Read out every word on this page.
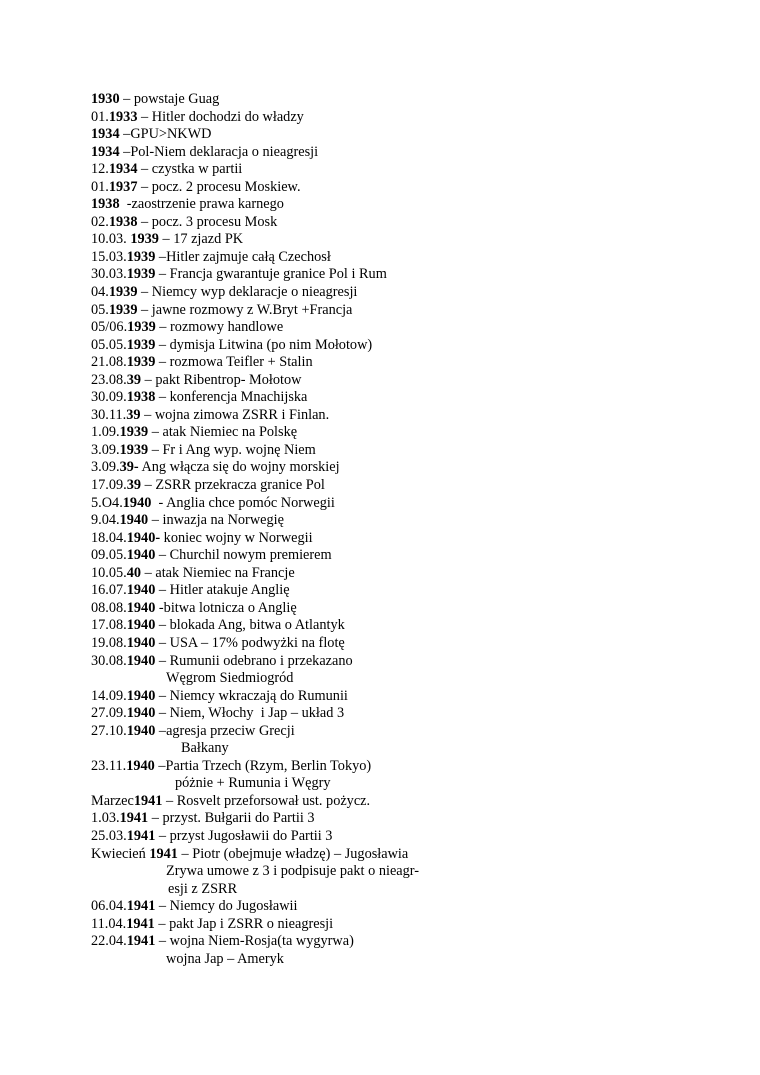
1930 – powstaje Guag
01.1933 – Hitler dochodzi do władzy
1934 –GPU>NKWD
1934 –Pol-Niem deklaracja o nieagresji
12.1934 – czystka w partii
01.1937 – pocz. 2 procesu Moskiew.
1938  -zaostrzenie prawa karnego
02.1938 – pocz. 3 procesu Mosk
10.03. 1939 – 17 zjazd PK
15.03.1939 –Hitler zajmuje całą Czechosł
30.03.1939 – Francja gwarantuje granice Pol i Rum
04.1939 – Niemcy wyp deklaracje o nieagresji
05.1939 – jawne rozmowy z W.Bryt +Francja
05/06.1939 – rozmowy handlowe
05.05.1939 – dymisja Litwina (po nim Mołotow)
21.08.1939 – rozmowa Teifler + Stalin
23.08.39 – pakt Ribentrop- Mołotow
30.09.1938 – konferencja Mnachijska
30.11.39 – wojna zimowa ZSRR i Finlan.
1.09.1939 – atak Niemiec na Polskę
3.09.1939 – Fr i Ang wyp. wojnę Niem
3.09.39- Ang włącza się do wojny morskiej
17.09.39 – ZSRR przekracza granice Pol
5.O4.1940  - Anglia chce pomóc Norwegii
9.04.1940 – inwazja na Norwegię
18.04.1940- koniec wojny w Norwegii
09.05.1940 – Churchil nowym premierem
10.05.40 – atak Niemiec na Francje
16.07.1940 – Hitler atakuje Anglię
08.08.1940 -bitwa lotnicza o Anglię
17.08.1940 – blokada Ang, bitwa o Atlantyk
19.08.1940 – USA – 17% podwyżki na flotę
30.08.1940 – Rumunii odebrano i przekazano
Węgrom Siedmiogród
14.09.1940 – Niemcy wkraczają do Rumunii
27.09.1940 – Niem, Włochy  i Jap – układ 3
27.10.1940 –agresja przeciw Grecji
Bałkany
23.11.1940 –Partia Trzech (Rzym, Berlin Tokyo)
póżnie + Rumunia i Węgry
Marzec1941 – Rosvelt przeforsował ust. pożycz.
1.03.1941 – przyst. Bułgarii do Partii 3
25.03.1941 – przyst Jugosławii do Partii 3
Kwiecień 1941 – Piotr (obejmuje władzę) – Jugosławia
Zrywa umowe z 3 i podpisuje pakt o nieagr-
esji z ZSRR
06.04.1941 – Niemcy do Jugosławii
11.04.1941 – pakt Jap i ZSRR o nieagresji
22.04.1941 – wojna Niem-Rosja(ta wygyrwa)
wojna Jap – Ameryk
